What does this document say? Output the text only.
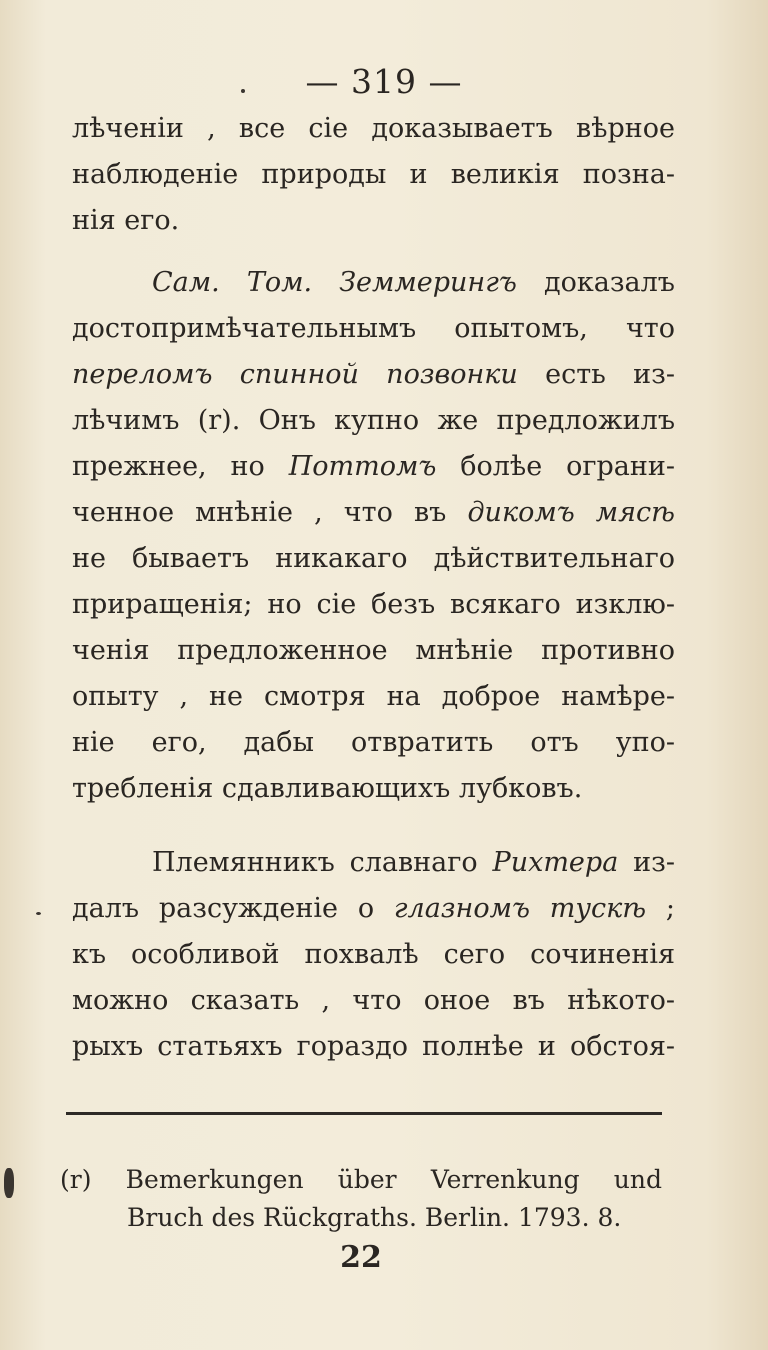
— 319 —
лѣчeніи , все сіе доказываетъ вѣрное
наблюденіе природы и великія позна-
нія его.
Сам. Том. Земмерингъ доказалъ
достопримѣчательнымъ опытомъ, что
переломъ спинной позвонки есть из-
лѣчимъ (r). Онъ купно же предложилъ
прежнее, но Поттомъ болѣе ограни-
ченное мнѣніе , что въ дикомъ мясѣ
не бываетъ никакаго дѣйствительнаго
приращенія; но сіе безъ всякаго изклю-
ченія предложенное мнѣніе противно
опыту , не смотря на доброе намѣре-
ніе его, дабы отвратить отъ упо-
требленія сдавливающихъ лубковъ.
Племянникъ славнаго Рихтера из-
далъ разсужденіе о глазномъ тускѣ ;
къ особливой похвалѣ сего сочиненія
можно сказать , что оное въ нѣкото-
рыхъ статьяхъ гораздо полнѣе и обстоя-
(r) Bemerkungen über Verrenkung und
Bruch des Rückgraths. Berlin. 1793. 8.
22
